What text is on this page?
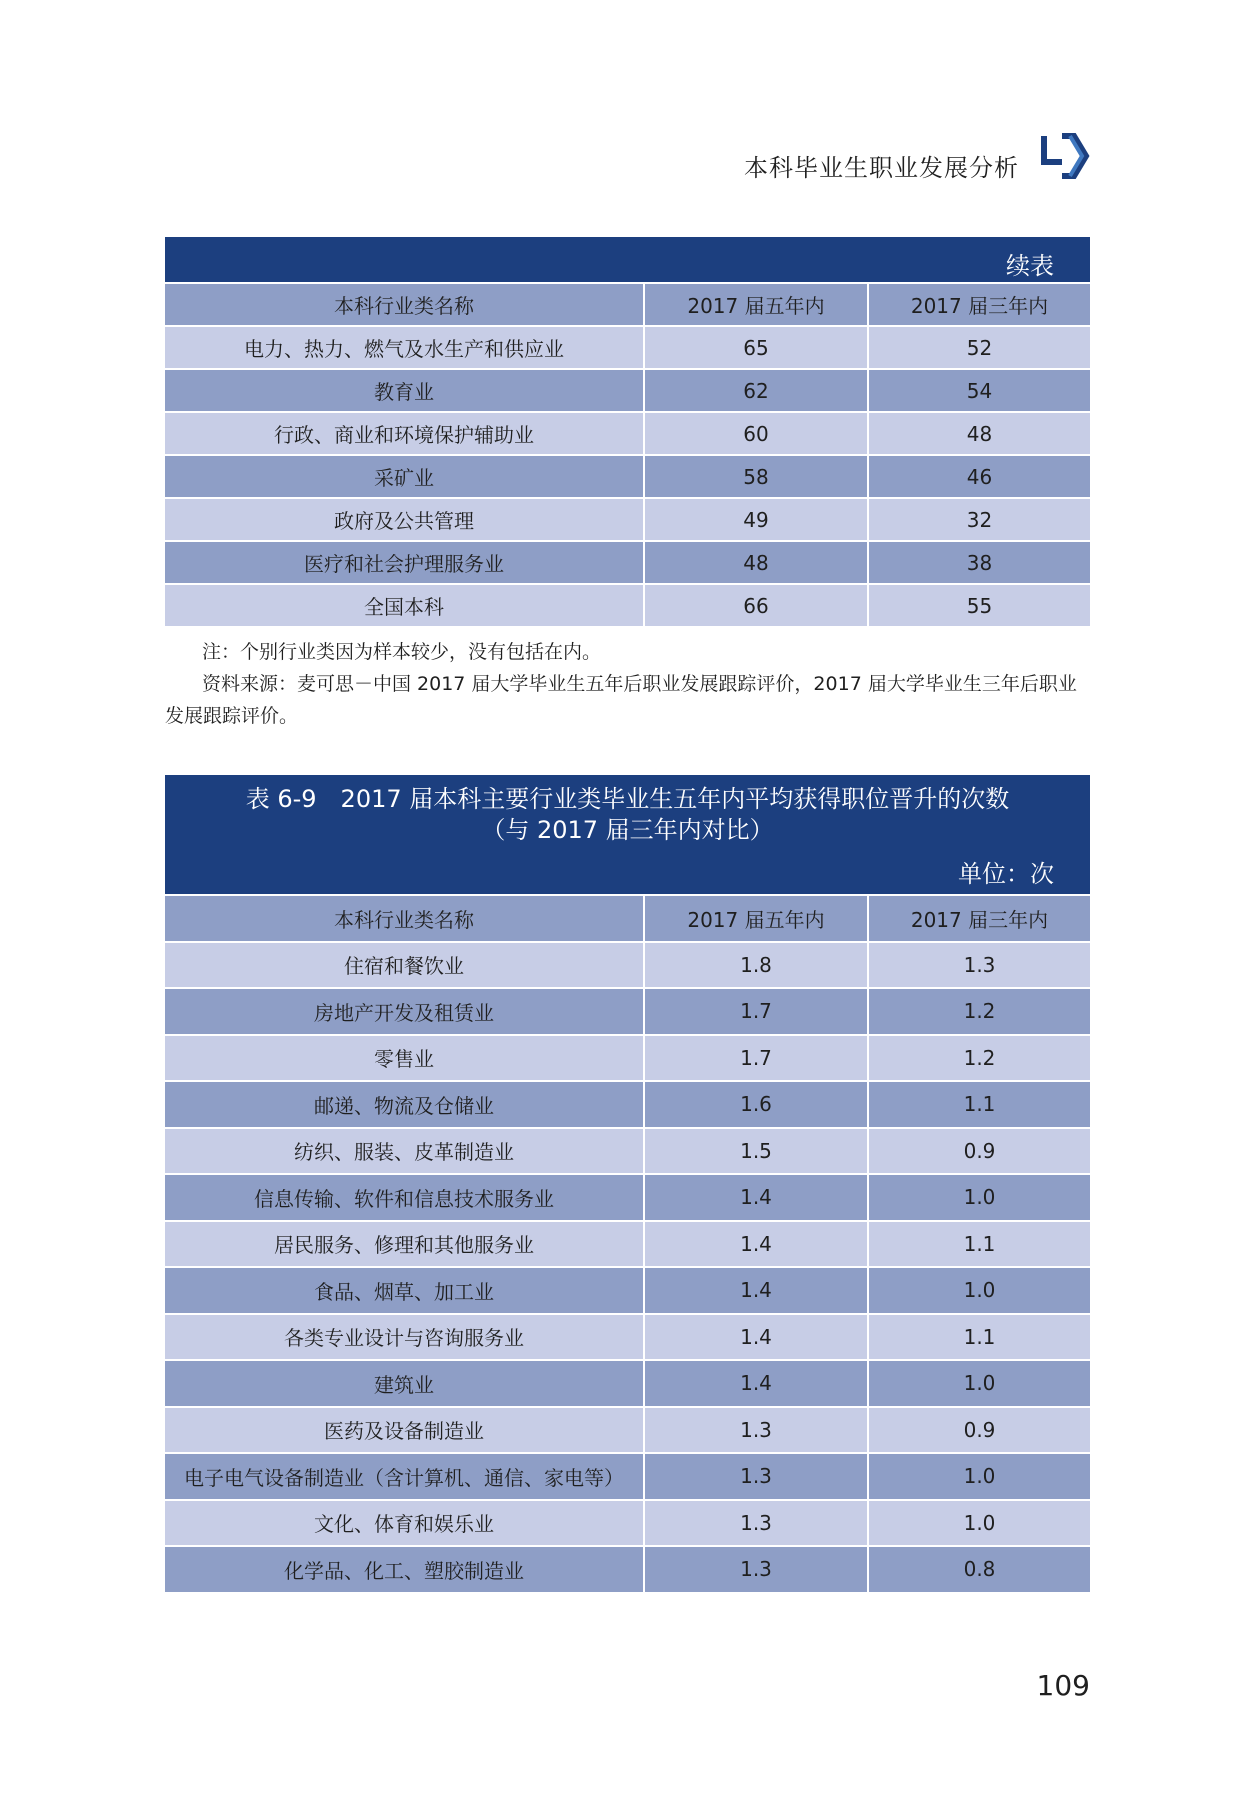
本科毕业生职业发展分析
续表
本科行业类名称	2017 届五年内	2017 届三年内
电力、热力、燃气及水生产和供应业	65	52
教育业	62	54
行政、商业和环境保护辅助业	60	48
采矿业	58	46
政府及公共管理	49	32
医疗和社会护理服务业	48	38
全国本科	66	55

注：个别行业类因为样本较少，没有包括在内。

资料来源：麦可思－中国 2017 届大学毕业生五年后职业发展跟踪评价，2017 届大学毕业生三年后职业发展跟踪评价。

表 6-9　2017 届本科主要行业类毕业生五年内平均获得职位晋升的次数
（与 2017 届三年内对比）
单位：次
本科行业类名称	2017 届五年内	2017 届三年内
住宿和餐饮业	1.8	1.3
房地产开发及租赁业	1.7	1.2
零售业	1.7	1.2
邮递、物流及仓储业	1.6	1.1
纺织、服装、皮革制造业	1.5	0.9
信息传输、软件和信息技术服务业	1.4	1.0
居民服务、修理和其他服务业	1.4	1.1
食品、烟草、加工业	1.4	1.0
各类专业设计与咨询服务业	1.4	1.1
建筑业	1.4	1.0
医药及设备制造业	1.3	0.9
电子电气设备制造业（含计算机、通信、家电等）	1.3	1.0
文化、体育和娱乐业	1.3	1.0
化学品、化工、塑胶制造业	1.3	0.8
109
